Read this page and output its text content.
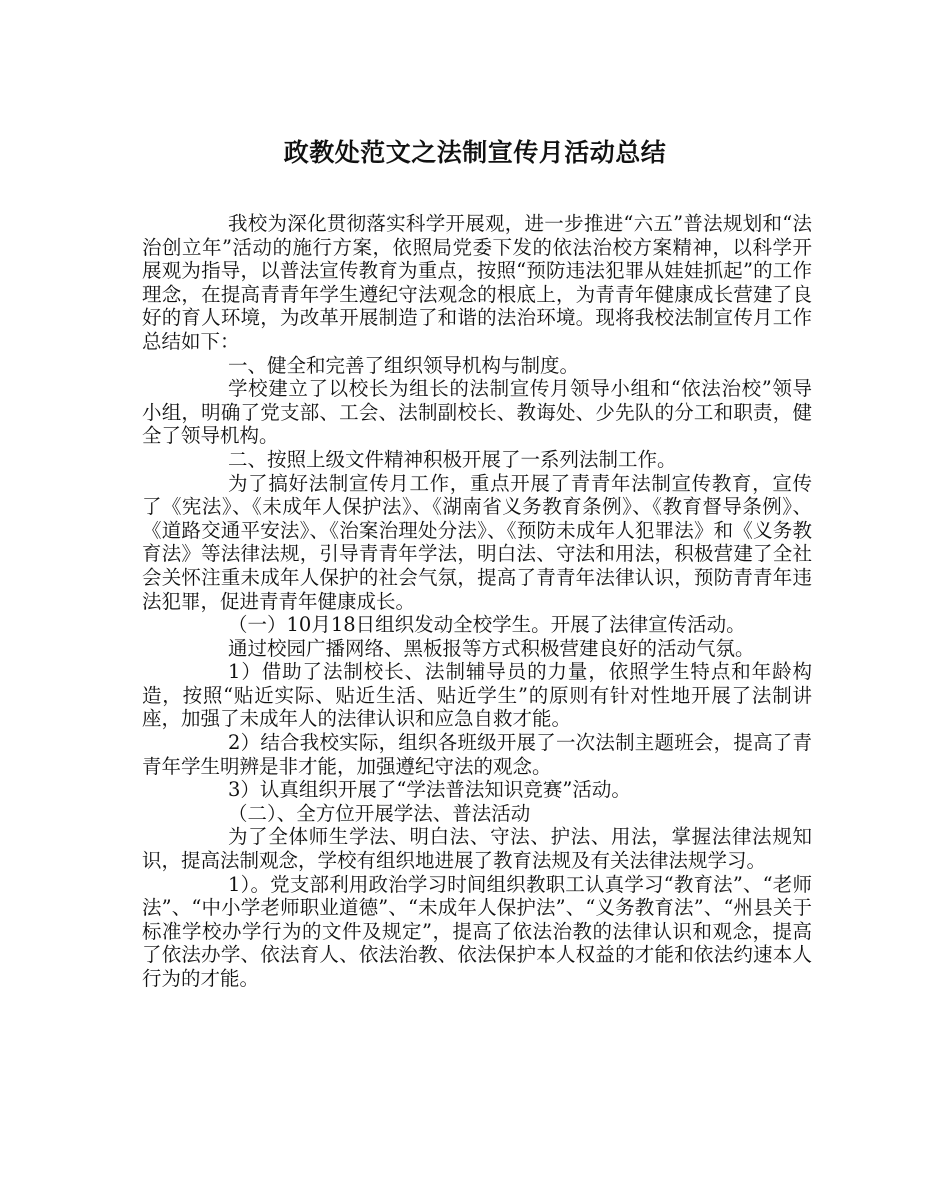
政教处范文之法制宣传月活动总结

我校为深化贯彻落实科学开展观，进一步推进“六五”普法规划和“法治创立年”活动的施行方案，依照局党委下发的依法治校方案精神，以科学开展观为指导，以普法宣传教育为重点，按照“预防违法犯罪从娃娃抓起”的工作理念，在提高青青年学生遵纪守法观念的根底上，为青青年健康成长营建了良好的育人环境，为改革开展制造了和谐的法治环境。现将我校法制宣传月工作总结如下：

一、健全和完善了组织领导机构与制度。

学校建立了以校长为组长的法制宣传月领导小组和“依法治校”领导小组，明确了党支部、工会、法制副校长、教诲处、少先队的分工和职责，健全了领导机构。

二、按照上级文件精神积极开展了一系列法制工作。

为了搞好法制宣传月工作，重点开展了青青年法制宣传教育，宣传了《宪法》、《未成年人保护法》、《湖南省义务教育条例》、《教育督导条例》、《道路交通平安法》、《治案治理处分法》、《预防未成年人犯罪法》和《义务教育法》等法律法规，引导青青年学法，明白法、守法和用法，积极营建了全社会关怀注重未成年人保护的社会气氛，提高了青青年法律认识，预防青青年违法犯罪，促进青青年健康成长。

（一）10月18日组织发动全校学生。开展了法律宣传活动。

通过校园广播网络、黑板报等方式积极营建良好的活动气氛。

1）借助了法制校长、法制辅导员的力量，依照学生特点和年龄构造，按照“贴近实际、贴近生活、贴近学生”的原则有针对性地开展了法制讲座，加强了未成年人的法律认识和应急自救才能。

2）结合我校实际，组织各班级开展了一次法制主题班会，提高了青青年学生明辨是非才能，加强遵纪守法的观念。

3）认真组织开展了“学法普法知识竞赛”活动。

（二）、全方位开展学法、普法活动

为了全体师生学法、明白法、守法、护法、用法，掌握法律法规知识，提高法制观念，学校有组织地进展了教育法规及有关法律法规学习。

1）。党支部利用政治学习时间组织教职工认真学习“教育法”、“老师法”、“中小学老师职业道德”、“未成年人保护法”、“义务教育法”、“州县关于标准学校办学行为的文件及规定”，提高了依法治教的法律认识和观念，提高了依法办学、依法育人、依法治教、依法保护本人权益的才能和依法约速本人行为的才能。
